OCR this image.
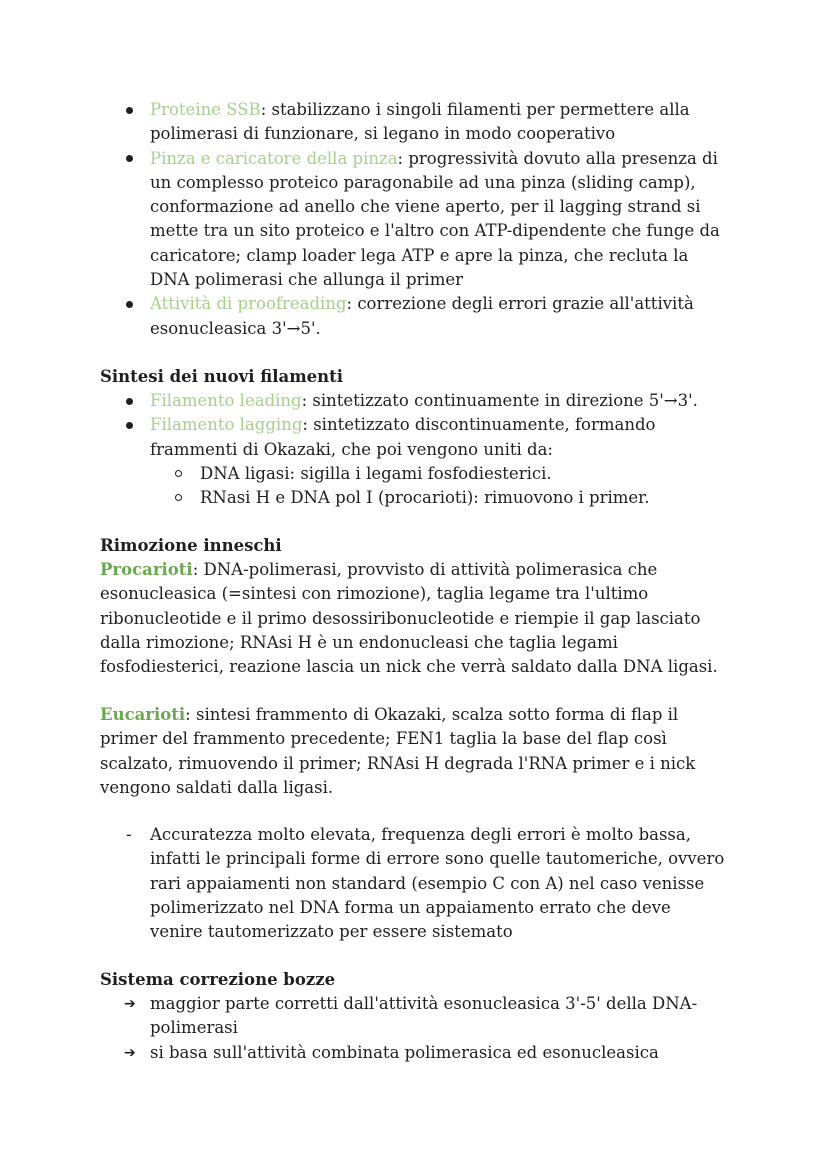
Proteine SSB: stabilizzano i singoli filamenti per permettere alla polimerasi di funzionare, si legano in modo cooperativo
Pinza e caricatore della pinza: progressività dovuto alla presenza di un complesso proteico paragonabile ad una pinza (sliding camp), conformazione ad anello che viene aperto, per il lagging strand si mette tra un sito proteico e l'altro con ATP-dipendente che funge da caricatore; clamp loader lega ATP e apre la pinza, che recluta la DNA polimerasi che allunga il primer
Attività di proofreading: correzione degli errori grazie all'attività esonucleasica 3'→5'.
Sintesi dei nuovi filamenti
Filamento leading: sintetizzato continuamente in direzione 5'→3'.
Filamento lagging: sintetizzato discontinuamente, formando frammenti di Okazaki, che poi vengono uniti da:
DNA ligasi: sigilla i legami fosfodiesterici.
RNasi H e DNA pol I (procarioti): rimuovono i primer.
Rimozione inneschi
Procarioti: DNA-polimerasi, provvisto di attività polimerasica che esonucleasica (=sintesi con rimozione), taglia legame tra l'ultimo ribonucleotide e il primo desossiribonucleotide e riempie il gap lasciato dalla rimozione; RNAsi H è un endonucleasi che taglia legami fosfodiesterici, reazione lascia un nick che verrà saldato dalla DNA ligasi.
Eucarioti: sintesi frammento di Okazaki, scalza sotto forma di flap il primer del frammento precedente; FEN1 taglia la base del flap così scalzato, rimuovendo il primer; RNAsi H degrada l'RNA primer e i nick vengono saldati dalla ligasi.
- Accuratezza molto elevata, frequenza degli errori è molto bassa, infatti le principali forme di errore sono quelle tautomeriche, ovvero rari appaiamenti non standard (esempio C con A) nel caso venisse polimerizzato nel DNA forma un appaiamento errato che deve venire tautomerizzato per essere sistemato
Sistema correzione bozze
➔ maggior parte corretti dall'attività esonucleasica 3'-5' della DNA-polimerasi
➔ si basa sull'attività combinata polimerasica ed esonucleasica
